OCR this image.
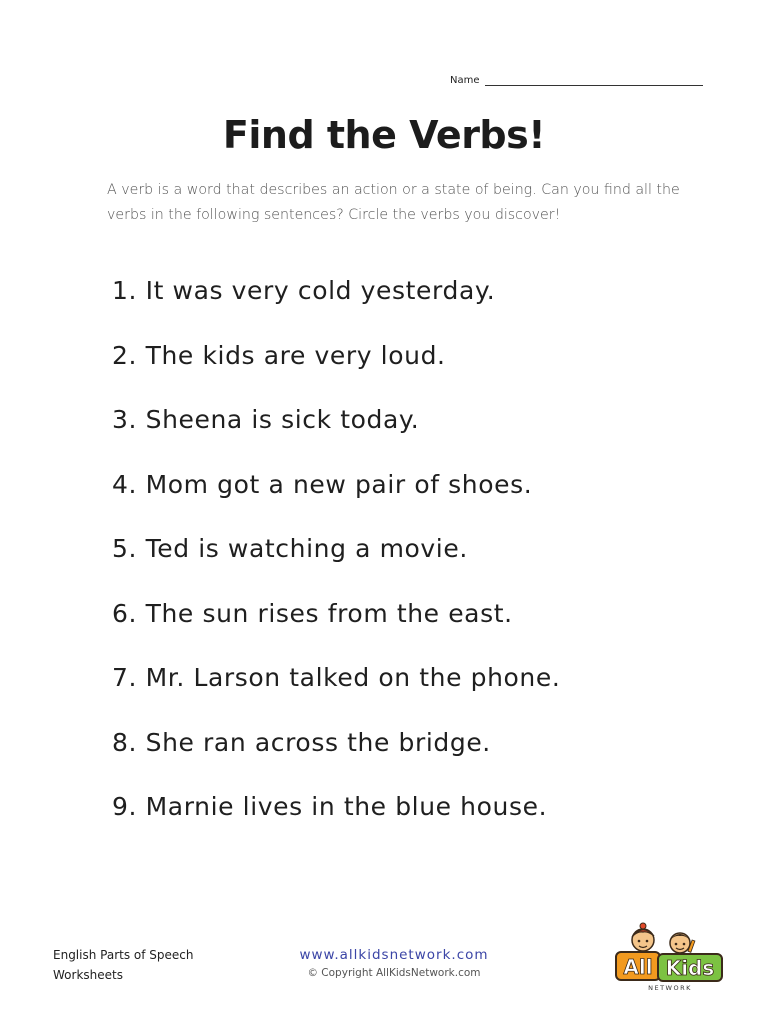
Name
Find the Verbs!

A verb is a word that describes an action or a state of being. Can you find all the verbs in the following sentences? Circle the verbs you discover!

1. It was very cold yesterday.
2. The kids are very loud.
3. Sheena is sick today.
4. Mom got a new pair of shoes.
5. Ted is watching a movie.
6. The sun rises from the east.
7. Mr. Larson talked on the phone.
8. She ran across the bridge.
9. Marnie lives in the blue house.
English Parts of Speech
Worksheets
www.allkidsnetwork.com
© Copyright AllKidsNetwork.com	All Kids
NETWORK
